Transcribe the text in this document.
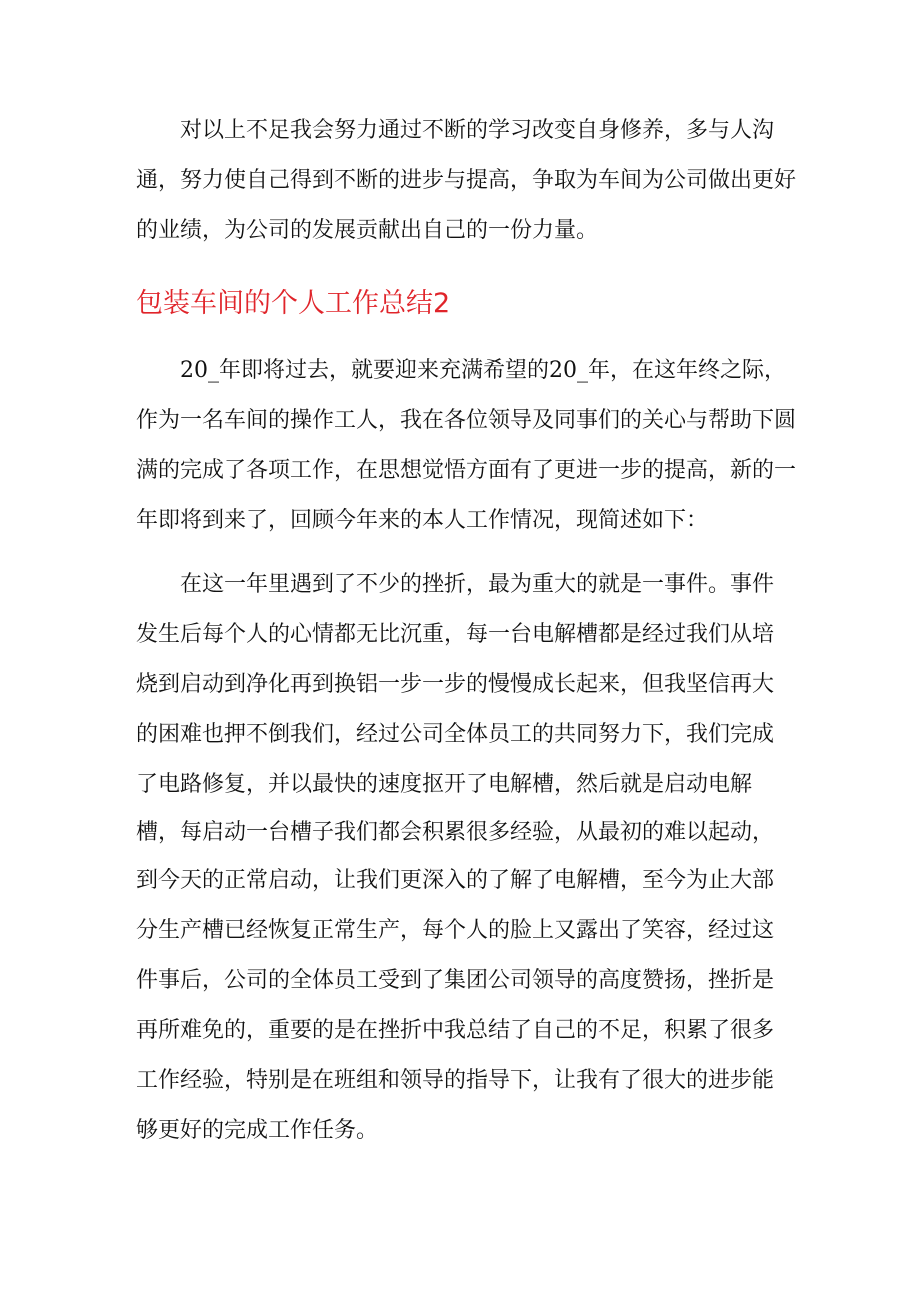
对以上不足我会努力通过不断的学习改变自身修养，多与人沟
通，努力使自己得到不断的进步与提高，争取为车间为公司做出更好
的业绩，为公司的发展贡献出自己的一份力量。
包装车间的个人工作总结2
20_年即将过去，就要迎来充满希望的20_年，在这年终之际，
作为一名车间的操作工人，我在各位领导及同事们的关心与帮助下圆
满的完成了各项工作，在思想觉悟方面有了更进一步的提高，新的一
年即将到来了，回顾今年来的本人工作情况，现简述如下：
在这一年里遇到了不少的挫折，最为重大的就是一事件。事件
发生后每个人的心情都无比沉重，每一台电解槽都是经过我们从培
烧到启动到净化再到换铝一步一步的慢慢成长起来，但我坚信再大
的困难也押不倒我们，经过公司全体员工的共同努力下，我们完成
了电路修复，并以最快的速度抠开了电解槽，然后就是启动电解
槽，每启动一台槽子我们都会积累很多经验，从最初的难以起动，
到今天的正常启动，让我们更深入的了解了电解槽，至今为止大部
分生产槽已经恢复正常生产，每个人的脸上又露出了笑容，经过这
件事后，公司的全体员工受到了集团公司领导的高度赞扬，挫折是
再所难免的，重要的是在挫折中我总结了自己的不足，积累了很多
工作经验，特别是在班组和领导的指导下，让我有了很大的进步能
够更好的完成工作任务。
